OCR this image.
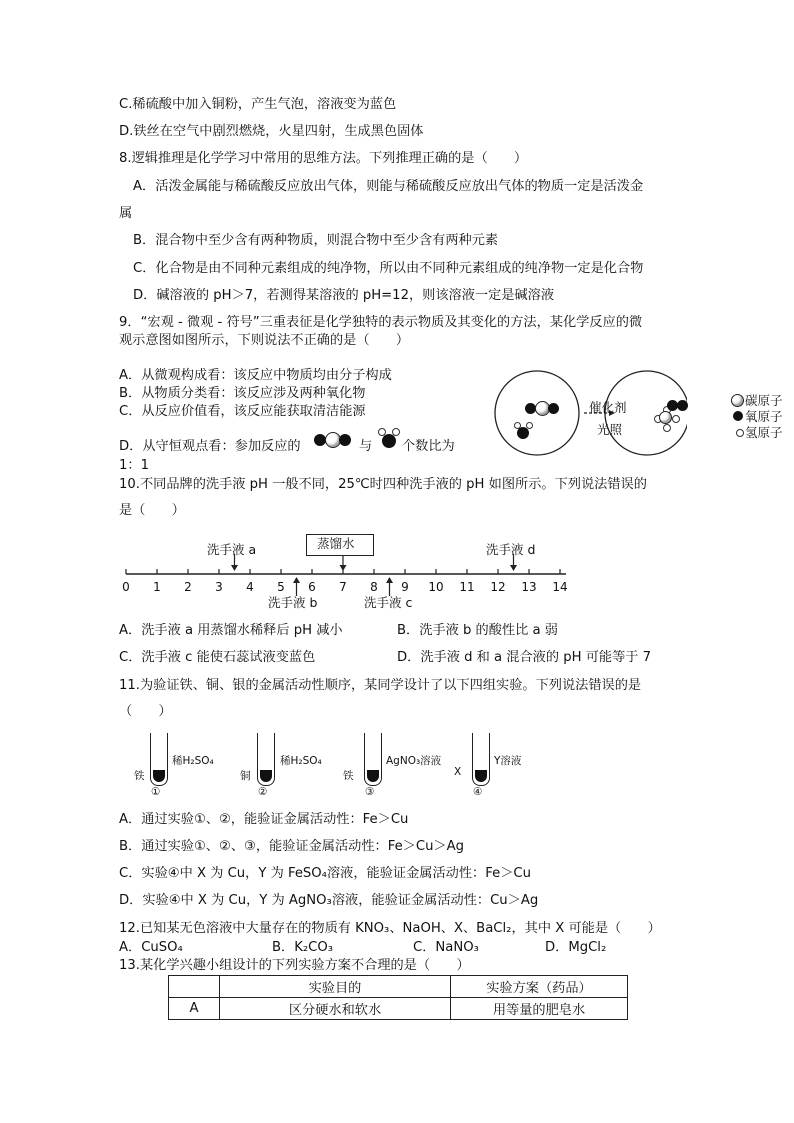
C.稀硫酸中加入铜粉，产生气泡，溶液变为蓝色
D.铁丝在空气中剧烈燃烧，火星四射，生成黑色固体
8.逻辑推理是化学学习中常用的思维方法。下列推理正确的是（　　）
A．活泼金属能与稀硫酸反应放出气体，则能与稀硫酸反应放出气体的物质一定是活泼金
属
B．混合物中至少含有两种物质，则混合物中至少含有两种元素
C．化合物是由不同种元素组成的纯净物，所以由不同种元素组成的纯净物一定是化合物
D．碱溶液的 pH＞7，若测得某溶液的 pH=12，则该溶液一定是碱溶液
9．“宏观 - 微观 - 符号”三重表征是化学独特的表示物质及其变化的方法，某化学反应的微
观示意图如图所示，下则说法不正确的是（　　）
A．从微观构成看：该反应中物质均由分子构成
B．从物质分类看：该反应涉及两种氧化物
C．从反应价值看，该反应能获取清洁能源
D．从守恒观点看：参加反应的	与 个数比为
1：1
催化剂
光照
碳原子
氧原子
氢原子
10.不同品牌的洗手液 pH 一般不同，25℃时四种洗手液的 pH 如图所示。下列说法错误的
是（　　）
0 1 2 3 4 5 6 7 8 9 10 11 12 13 14
蒸馏水
洗手液 a	洗手液 d
洗手液 b	洗手液 c
A．洗手液 a 用蒸馏水稀释后 pH 减小	B．洗手液 b 的酸性比 a 弱
C．洗手液 c 能使石蕊试液变蓝色	D．洗手液 d 和 a 混合液的 pH 可能等于 7
11.为验证铁、铜、银的金属活动性顺序，某同学设计了以下四组实验。下列说法错误的是
（　　）
稀H₂SO₄
铁
①
稀H₂SO₄
铜
②
AgNO₃溶液
铁
③
Y溶液
X
④
A．通过实验①、②，能验证金属活动性：Fe＞Cu
B．通过实验①、②、③，能验证金属活动性：Fe＞Cu＞Ag
C．实验④中 X 为 Cu，Y 为 FeSO₄溶液，能验证金属活动性：Fe＞Cu
D．实验④中 X 为 Cu，Y 为 AgNO₃溶液，能验证金属活动性：Cu＞Ag
12.已知某无色溶液中大量存在的物质有 KNO₃、NaOH、X、BaCl₂，其中 X 可能是（　　）
A．CuSO₄	B．K₂CO₃	C．NaNO₃	D．MgCl₂
13.某化学兴趣小组设计的下列实验方案不合理的是（　　）
	实验目的	实验方案（药品）
A	区分硬水和软水	用等量的肥皂水
